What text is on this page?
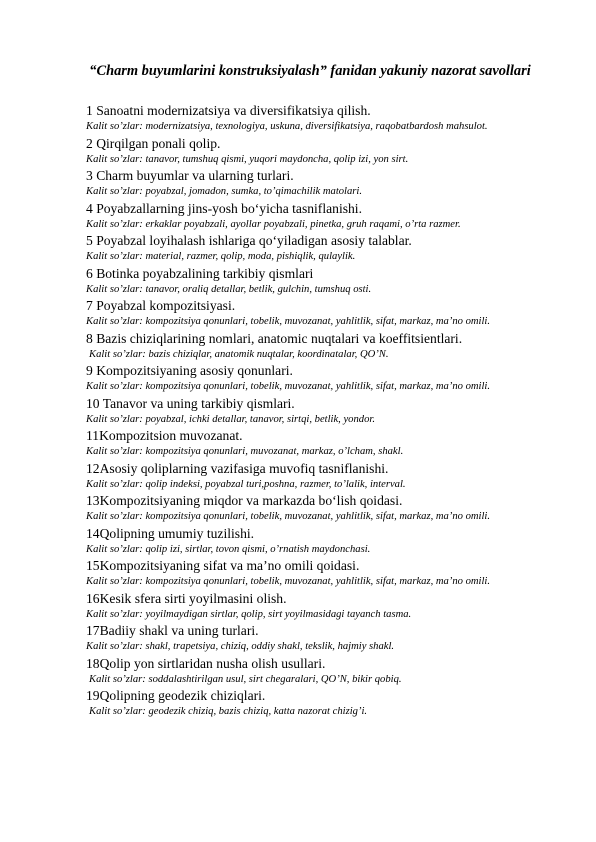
“Charm buyumlarini konstruksiyalash” fanidan yakuniy nazorat savollari
1 Sanoatni modernizatsiya va diversifikatsiya qilish.
Kalit so’zlar: modernizatsiya, texnologiya, uskuna, diversifikatsiya, raqobatbardosh mahsulot.
2 Qirqilgan ponali qolip.
Kalit so’zlar: tanavor, tumshuq qismi, yuqori maydoncha, qolip izi, yon sirt.
3 Charm buyumlar va ularning turlari.
Kalit so’zlar: poyabzal, jomadon, sumka, to’qimachilik matolari.
4 Poyabzallarning jins-yosh bo‘yicha tasniflanishi.
Kalit so’zlar: erkaklar poyabzali, ayollar poyabzali, pinetka, gruh raqami, o’rta razmer.
5 Poyabzal loyihalash ishlariga qo‘yiladigan asosiy talablar.
Kalit so’zlar: material, razmer, qolip, moda, pishiqlik, qulaylik.
6 Botinka poyabzalining tarkibiy qismlari
Kalit so’zlar: tanavor, oraliq detallar, betlik, gulchin, tumshuq osti.
7 Poyabzal kompozitsiyasi.
Kalit so’zlar: kompozitsiya qonunlari, tobelik, muvozanat, yahlitlik, sifat, markaz, ma’no omili.
8 Bazis chiziqlarining nomlari, anatomic nuqtalari va koeffitsientlari.
Kalit so’zlar: bazis chiziqlar, anatomik nuqtalar, koordinatalar, QO’N.
9 Kompozitsiyaning asosiy qonunlari.
Kalit so’zlar: kompozitsiya qonunlari, tobelik, muvozanat, yahlitlik, sifat, markaz, ma’no omili.
10 Tanavor va uning tarkibiy qismlari.
Kalit so’zlar: poyabzal, ichki detallar, tanavor, sirtqi, betlik, yondor.
11Kompozitsion muvozanat.
Kalit so’zlar: kompozitsiya qonunlari, muvozanat, markaz, o’lcham, shakl.
12Asosiy qoliplarning vazifasiga muvofiq tasniflanishi.
Kalit so’zlar: qolip indeksi, poyabzal turi,poshna, razmer, to’lalik, interval.
13Kompozitsiyaning miqdor va markazda bo‘lish qoidasi.
Kalit so’zlar: kompozitsiya qonunlari, tobelik, muvozanat, yahlitlik, sifat, markaz, ma’no omili.
14Qolipning umumiy tuzilishi.
Kalit so’zlar: qolip izi, sirtlar, tovon qismi, o’rnatish maydonchasi.
15Kompozitsiyaning sifat va ma’no omili qoidasi.
Kalit so’zlar: kompozitsiya qonunlari, tobelik, muvozanat, yahlitlik, sifat, markaz, ma’no omili.
16Kesik sfera sirti yoyilmasini olish.
Kalit so’zlar: yoyilmaydigan sirtlar, qolip, sirt yoyilmasidagi tayanch tasma.
17Badiiy shakl va uning turlari.
Kalit so’zlar: shakl, trapetsiya, chiziq, oddiy shakl, tekslik, hajmiy shakl.
18Qolip yon sirtlaridan nusha olish usullari.
Kalit so’zlar: soddalashtirilgan usul, sirt chegaralari, QO’N, bikir qobiq.
19Qolipning geodezik chiziqlari.
Kalit so’zlar: geodezik chiziq, bazis chiziq, katta nazorat chizig’i.
